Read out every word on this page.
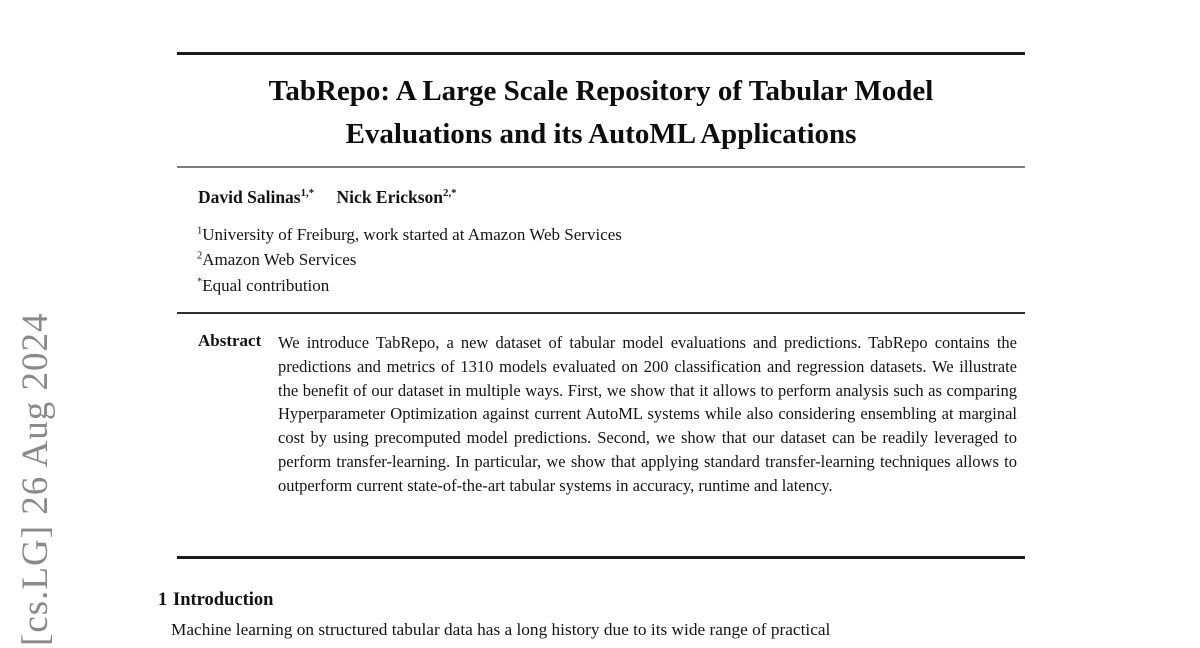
[cs.LG] 26 Aug 2024
TabRepo: A Large Scale Repository of Tabular Model
Evaluations and its AutoML Applications
David Salinas$^{1,*}$ Nick Erickson$^{2,*}$
$^1$University of Freiburg, work started at Amazon Web Services
$^2$Amazon Web Services
*Equal contribution
Abstract We introduce TabRepo, a new dataset of tabular model evaluations and predictions. TabRepo contains the predictions and metrics of 1310 models evaluated on 200 classification and regression datasets. We illustrate the benefit of our dataset in multiple ways. First, we show that it allows to perform analysis such as comparing Hyperparameter Optimization against current AutoML systems while also considering ensembling at marginal cost by using precomputed model predictions. Second, we show that our dataset can be readily leveraged to perform transfer-learning. In particular, we show that applying standard transfer-learning techniques allows to outperform current state-of-the-art tabular systems in accuracy, runtime and latency.
1 Introduction
Machine learning on structured tabular data has a long history due to its wide range of practical
